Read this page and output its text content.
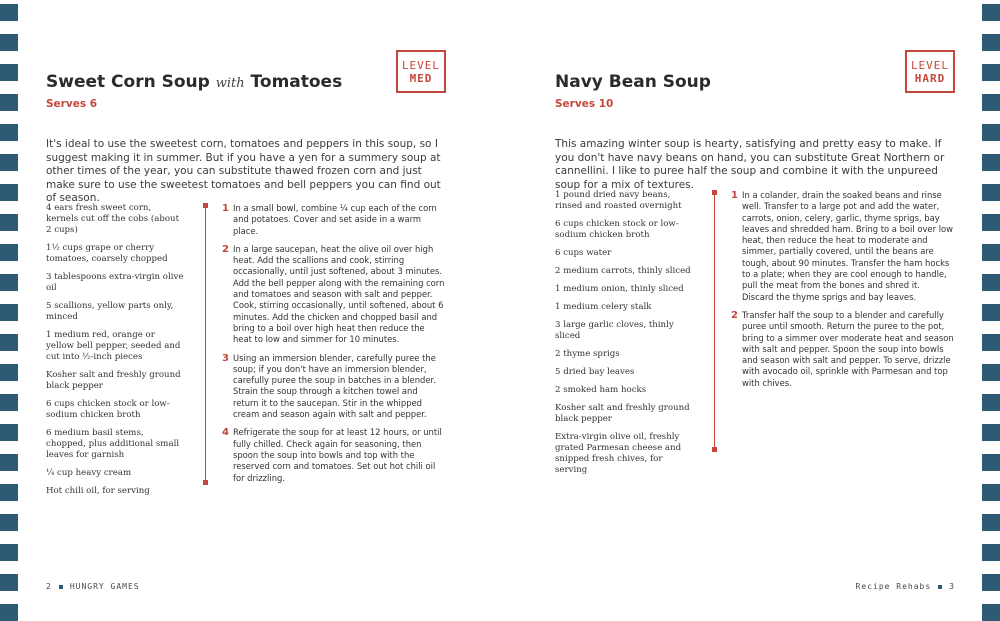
LEVEL
MED
Sweet Corn Soup with Tomatoes
Serves 6
It's ideal to use the sweetest corn, tomatoes and peppers in this soup, so I suggest making it in summer. But if you have a yen for a summery soup at other times of the year, you can substitute thawed frozen corn and just make sure to use the sweetest tomatoes and bell peppers you can find out of season.
4 ears fresh sweet corn, kernels cut off the cobs (about 2 cups)
1½ cups grape or cherry tomatoes, coarsely chopped
3 tablespoons extra-virgin olive oil
5 scallions, yellow parts only, minced
1 medium red, orange or yellow bell pepper, seeded and cut into ½-inch pieces
Kosher salt and freshly ground black pepper
6 cups chicken stock or low-sodium chicken broth
6 medium basil stems, chopped, plus additional small leaves for garnish
¼ cup heavy cream
Hot chili oil, for serving
1 In a small bowl, combine ¼ cup each of the corn and potatoes. Cover and set aside in a warm place.
2 In a large saucepan, heat the olive oil over high heat. Add the scallions and cook, stirring occasionally, until just softened, about 3 minutes. Add the bell pepper along with the remaining corn and tomatoes and season with salt and pepper. Cook, stirring occasionally, until softened, about 6 minutes. Add the chicken and chopped basil and bring to a boil over high heat then reduce the heat to low and simmer for 10 minutes.
3 Using an immersion blender, carefully puree the soup; if you don't have an immersion blender, carefully puree the soup in batches in a blender. Strain the soup through a kitchen towel and return it to the saucepan. Stir in the whipped cream and season again with salt and pepper.
4 Refrigerate the soup for at least 12 hours, or until fully chilled. Check again for seasoning, then spoon the soup into bowls and top with the reserved corn and tomatoes. Set out hot chili oil for drizzling.
2 HUNGRY GAMES
LEVEL
HARD
Navy Bean Soup
Serves 10
This amazing winter soup is hearty, satisfying and pretty easy to make. If you don't have navy beans on hand, you can substitute Great Northern or cannellini. I like to puree half the soup and combine it with the unpureed soup for a mix of textures.
1 pound dried navy beans, rinsed and roasted overnight
6 cups chicken stock or low-sodium chicken broth
6 cups water
2 medium carrots, thinly sliced
1 medium onion, thinly sliced
1 medium celery stalk
3 large garlic cloves, thinly sliced
2 thyme sprigs
5 dried bay leaves
2 smoked ham hocks
Kosher salt and freshly ground black pepper
Extra-virgin olive oil, freshly grated Parmesan cheese and snipped fresh chives, for serving
1 In a colander, drain the soaked beans and rinse well. Transfer to a large pot and add the water, carrots, onion, celery, garlic, thyme sprigs, bay leaves and shredded ham. Bring to a boil over low heat, then reduce the heat to moderate and simmer, partially covered, until the beans are tough, about 90 minutes. Transfer the ham hocks to a plate; when they are cool enough to handle, pull the meat from the bones and shred it. Discard the thyme sprigs and bay leaves.
2 Transfer half the soup to a blender and carefully puree until smooth. Return the puree to the pot, bring to a simmer over moderate heat and season with salt and pepper. Spoon the soup into bowls and season with salt and pepper. To serve, drizzle with avocado oil, sprinkle with Parmesan and top with chives.
Recipe Rehabs 3
